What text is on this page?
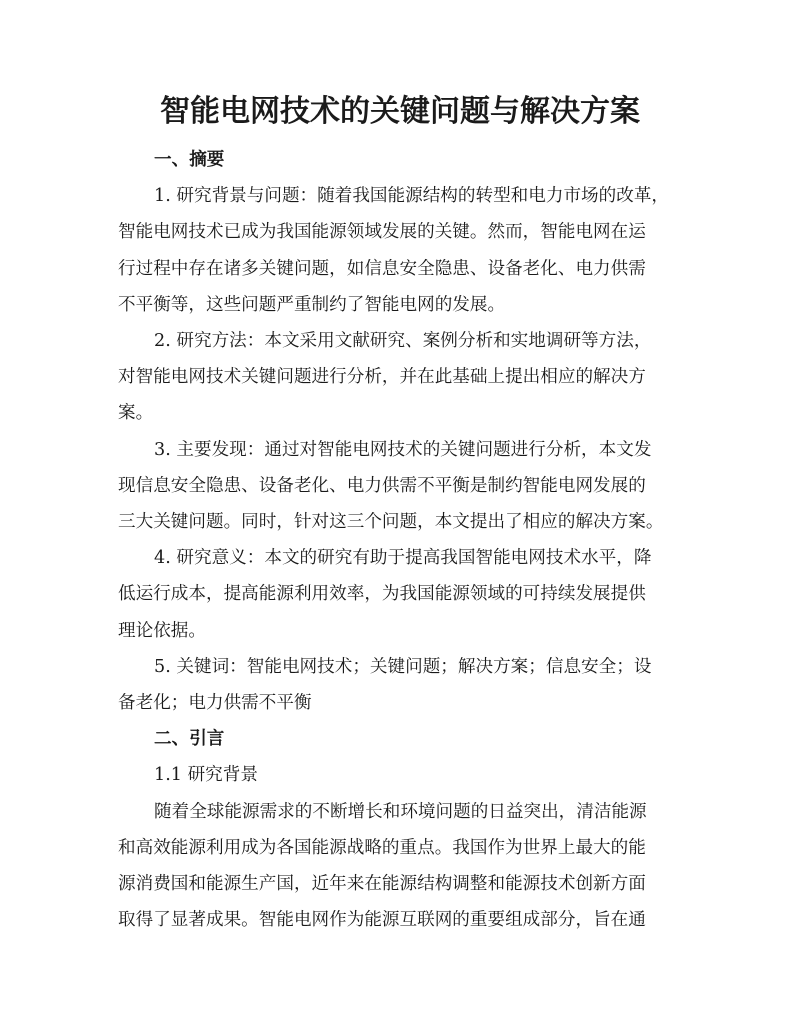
智能电网技术的关键问题与解决方案
一、摘要
1. 研究背景与问题：随着我国能源结构的转型和电力市场的改革，
智能电网技术已成为我国能源领域发展的关键。然而，智能电网在运
行过程中存在诸多关键问题，如信息安全隐患、设备老化、电力供需
不平衡等，这些问题严重制约了智能电网的发展。
2. 研究方法：本文采用文献研究、案例分析和实地调研等方法，
对智能电网技术关键问题进行分析，并在此基础上提出相应的解决方
案。
3. 主要发现：通过对智能电网技术的关键问题进行分析，本文发
现信息安全隐患、设备老化、电力供需不平衡是制约智能电网发展的
三大关键问题。同时，针对这三个问题，本文提出了相应的解决方案。
4. 研究意义：本文的研究有助于提高我国智能电网技术水平，降
低运行成本，提高能源利用效率，为我国能源领域的可持续发展提供
理论依据。
5. 关键词：智能电网技术；关键问题；解决方案；信息安全；设
备老化；电力供需不平衡
二、引言
1.1 研究背景
随着全球能源需求的不断增长和环境问题的日益突出，清洁能源
和高效能源利用成为各国能源战略的重点。我国作为世界上最大的能
源消费国和能源生产国，近年来在能源结构调整和能源技术创新方面
取得了显著成果。智能电网作为能源互联网的重要组成部分，旨在通
